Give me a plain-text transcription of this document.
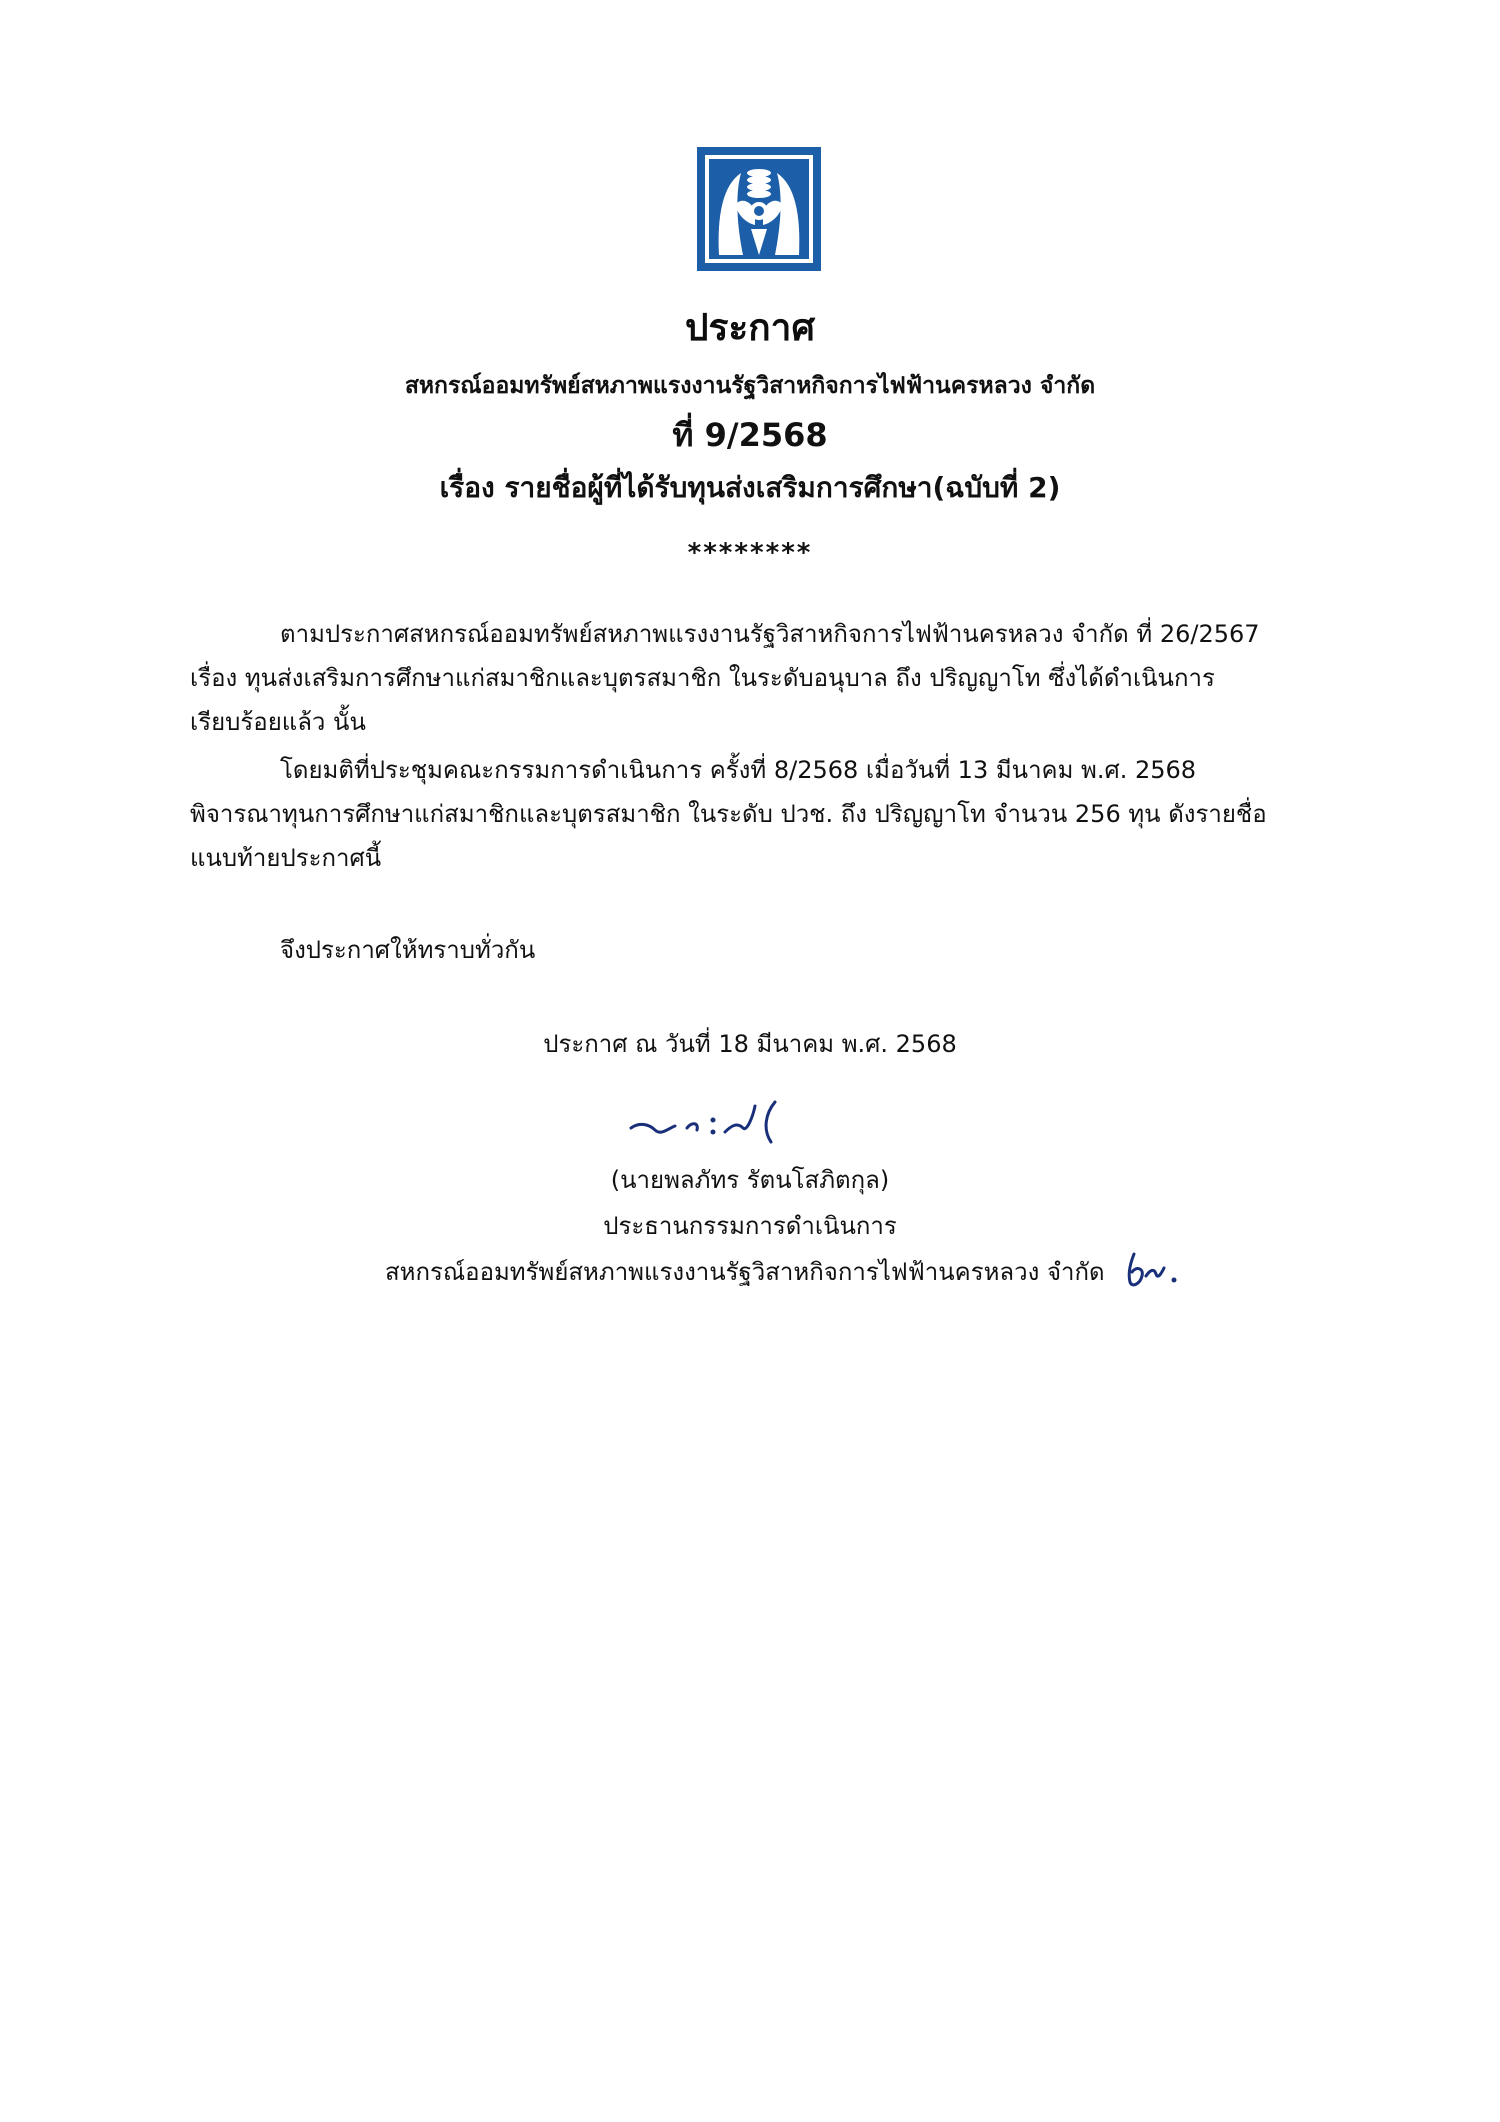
ประกาศ
สหกรณ์ออมทรัพย์สหภาพแรงงานรัฐวิสาหกิจการไฟฟ้านครหลวง จำกัด
ที่ 9/2568
เรื่อง รายชื่อผู้ที่ได้รับทุนส่งเสริมการศึกษา(ฉบับที่ 2)
********
ตามประกาศสหกรณ์ออมทรัพย์สหภาพแรงงานรัฐวิสาหกิจการไฟฟ้านครหลวง จำกัด ที่ 26/2567
เรื่อง ทุนส่งเสริมการศึกษาแก่สมาชิกและบุตรสมาชิก ในระดับอนุบาล ถึง ปริญญาโท ซึ่งได้ดำเนินการ
เรียบร้อยแล้ว นั้น
โดยมติที่ประชุมคณะกรรมการดำเนินการ ครั้งที่ 8/2568 เมื่อวันที่ 13 มีนาคม พ.ศ. 2568
พิจารณาทุนการศึกษาแก่สมาชิกและบุตรสมาชิก ในระดับ ปวช. ถึง ปริญญาโท จำนวน 256 ทุน ดังรายชื่อ
แนบท้ายประกาศนี้
จึงประกาศให้ทราบทั่วกัน
ประกาศ ณ วันที่ 18 มีนาคม พ.ศ. 2568
(นายพลภัทร รัตนโสภิตกุล)
ประธานกรรมการดำเนินการ
สหกรณ์ออมทรัพย์สหภาพแรงงานรัฐวิสาหกิจการไฟฟ้านครหลวง จำกัด
